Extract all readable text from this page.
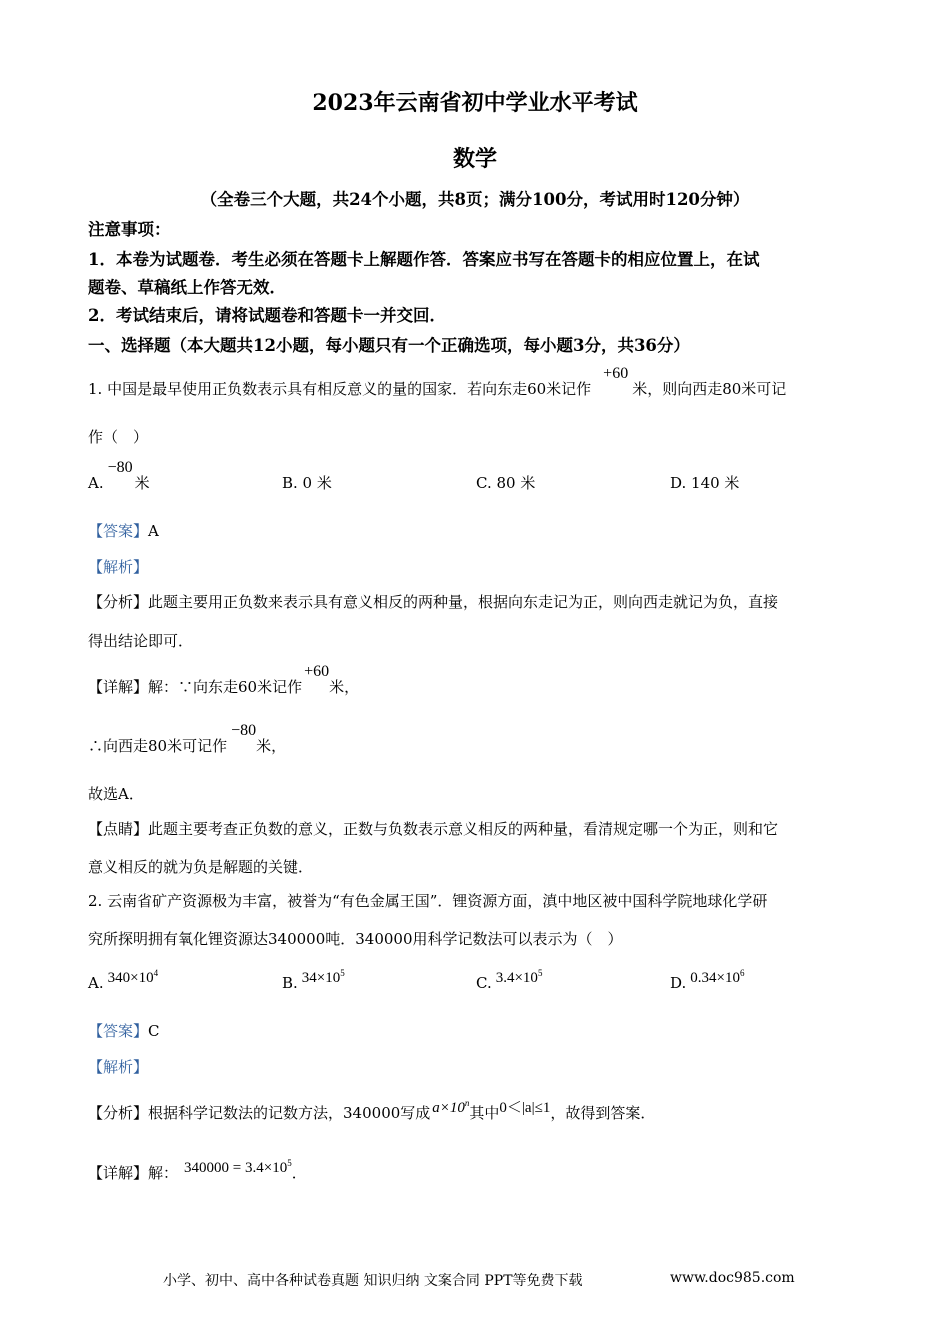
2023年云南省初中学业水平考试
数学
（全卷三个大题，共24个小题，共8页；满分100分，考试用时120分钟）
注意事项：
1．本卷为试题卷．考生必须在答题卡上解题作答．答案应书写在答题卡的相应位置上，在试
题卷、草稿纸上作答无效．
2．考试结束后，请将试题卷和答题卡一并交回．
一、选择题（本大题共12小题，每小题只有一个正确选项，每小题3分，共36分）
1. 中国是最早使用正负数表示具有相反意义的量的国家．若向东走60米记作+60米，则向西走80米可记
作（　）
A.−80米	B. 0 米	C. 80 米	D. 140 米
【答案】A
【解析】
【分析】此题主要用正负数来表示具有意义相反的两种量，根据向东走记为正，则向西走就记为负，直接
得出结论即可．
【详解】解：∵向东走60米记作+60米，
∴向西走80米可记作−80米，
故选A．
【点睛】此题主要考查正负数的意义，正数与负数表示意义相反的两种量，看清规定哪一个为正，则和它
意义相反的就为负是解题的关键．
2. 云南省矿产资源极为丰富，被誉为“有色金属王国”．锂资源方面，滇中地区被中国科学院地球化学研
究所探明拥有氧化锂资源达340000吨．340000用科学记数法可以表示为（　）
A. $340\times 10^4$
B. $34\times 10^5$
C. $3.4\times 10^5$
D. $0.34\times 10^6$
【答案】C
【解析】
【分析】根据科学记数法的记数方法，340000写成 $a\times 10^n$其中0＜|a|≤1，故得到答案．
【详解】解： $340000 = 3.4\times 10^5$．
小学、初中、高中各种试卷真题 知识归纳 文案合同 PPT等免费下载	www.doc985.com
